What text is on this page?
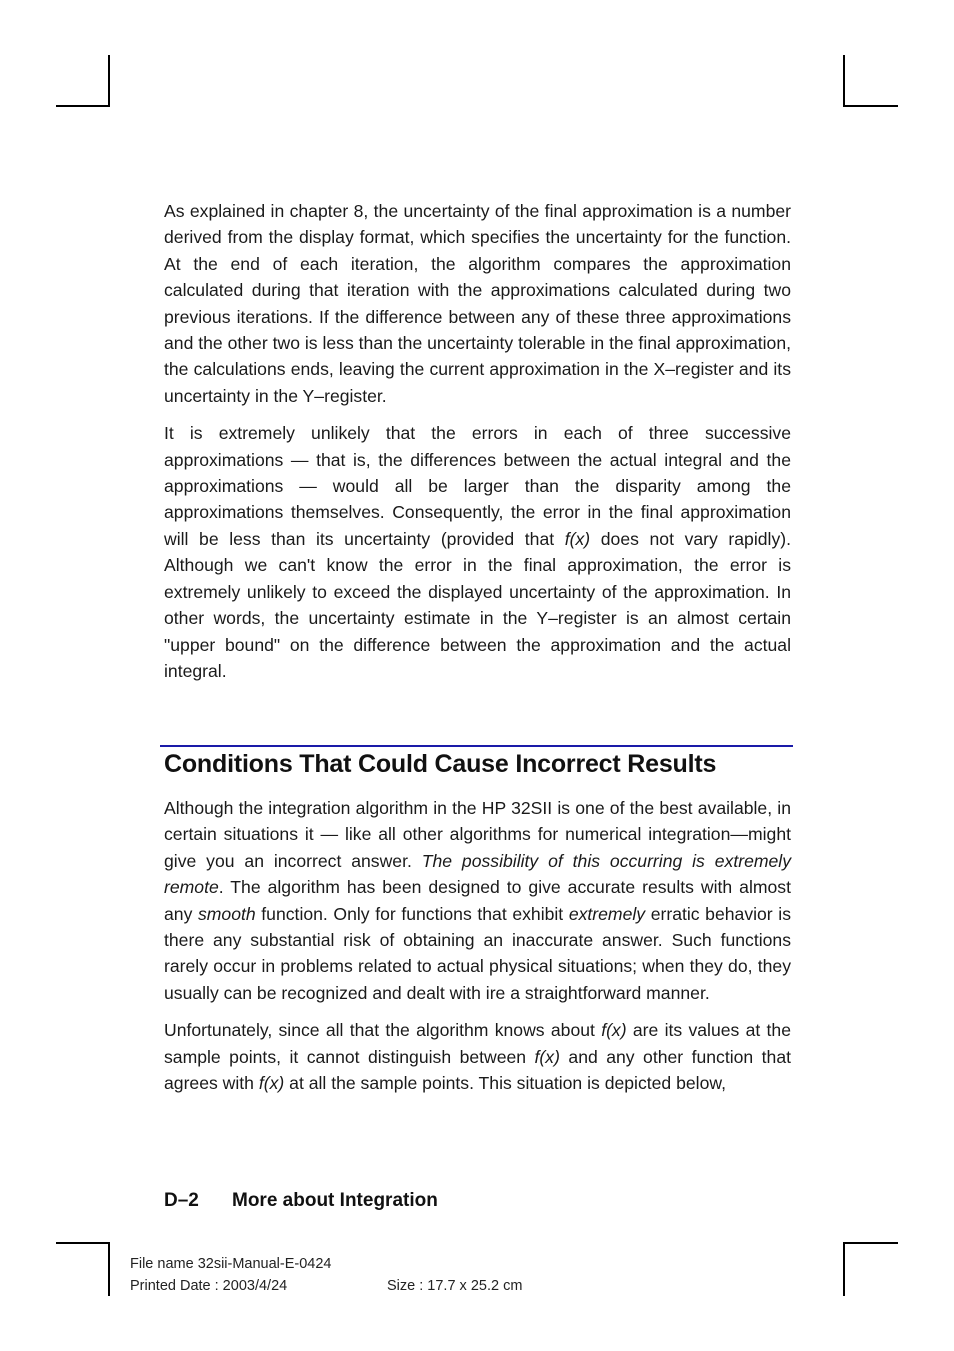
As explained in chapter 8, the uncertainty of the final approximation is a number derived from the display format, which specifies the uncertainty for the function. At the end of each iteration, the algorithm compares the approximation calculated during that iteration with the approximations calculated during two previous iterations. If the difference between any of these three approximations and the other two is less than the uncertainty tolerable in the final approximation, the calculations ends, leaving the current approximation in the X–register and its uncertainty in the Y–register.

It is extremely unlikely that the errors in each of three successive approximations — that is, the differences between the actual integral and the approximations — would all be larger than the disparity among the approximations themselves. Consequently, the error in the final approximation will be less than its uncertainty (provided that f(x) does not vary rapidly). Although we can't know the error in the final approximation, the error is extremely unlikely to exceed the displayed uncertainty of the approximation. In other words, the uncertainty estimate in the Y–register is an almost certain "upper bound" on the difference between the approximation and the actual integral.

Conditions That Could Cause Incorrect Results

Although the integration algorithm in the HP 32SII is one of the best available, in certain situations it — like all other algorithms for numerical integration—might give you an incorrect answer. The possibility of this occurring is extremely remote. The algorithm has been designed to give accurate results with almost any smooth function. Only for functions that exhibit extremely erratic behavior is there any substantial risk of obtaining an inaccurate answer. Such functions rarely occur in problems related to actual physical situations; when they do, they usually can be recognized and dealt with ire a straightforward manner.

Unfortunately, since all that the algorithm knows about f(x) are its values at the sample points, it cannot distinguish between f(x) and any other function that agrees with f(x) at all the sample points. This situation is depicted below,

D–2 More about Integration
File name 32sii-Manual-E-0424
Printed Date : 2003/4/24	Size : 17.7 x 25.2 cm
